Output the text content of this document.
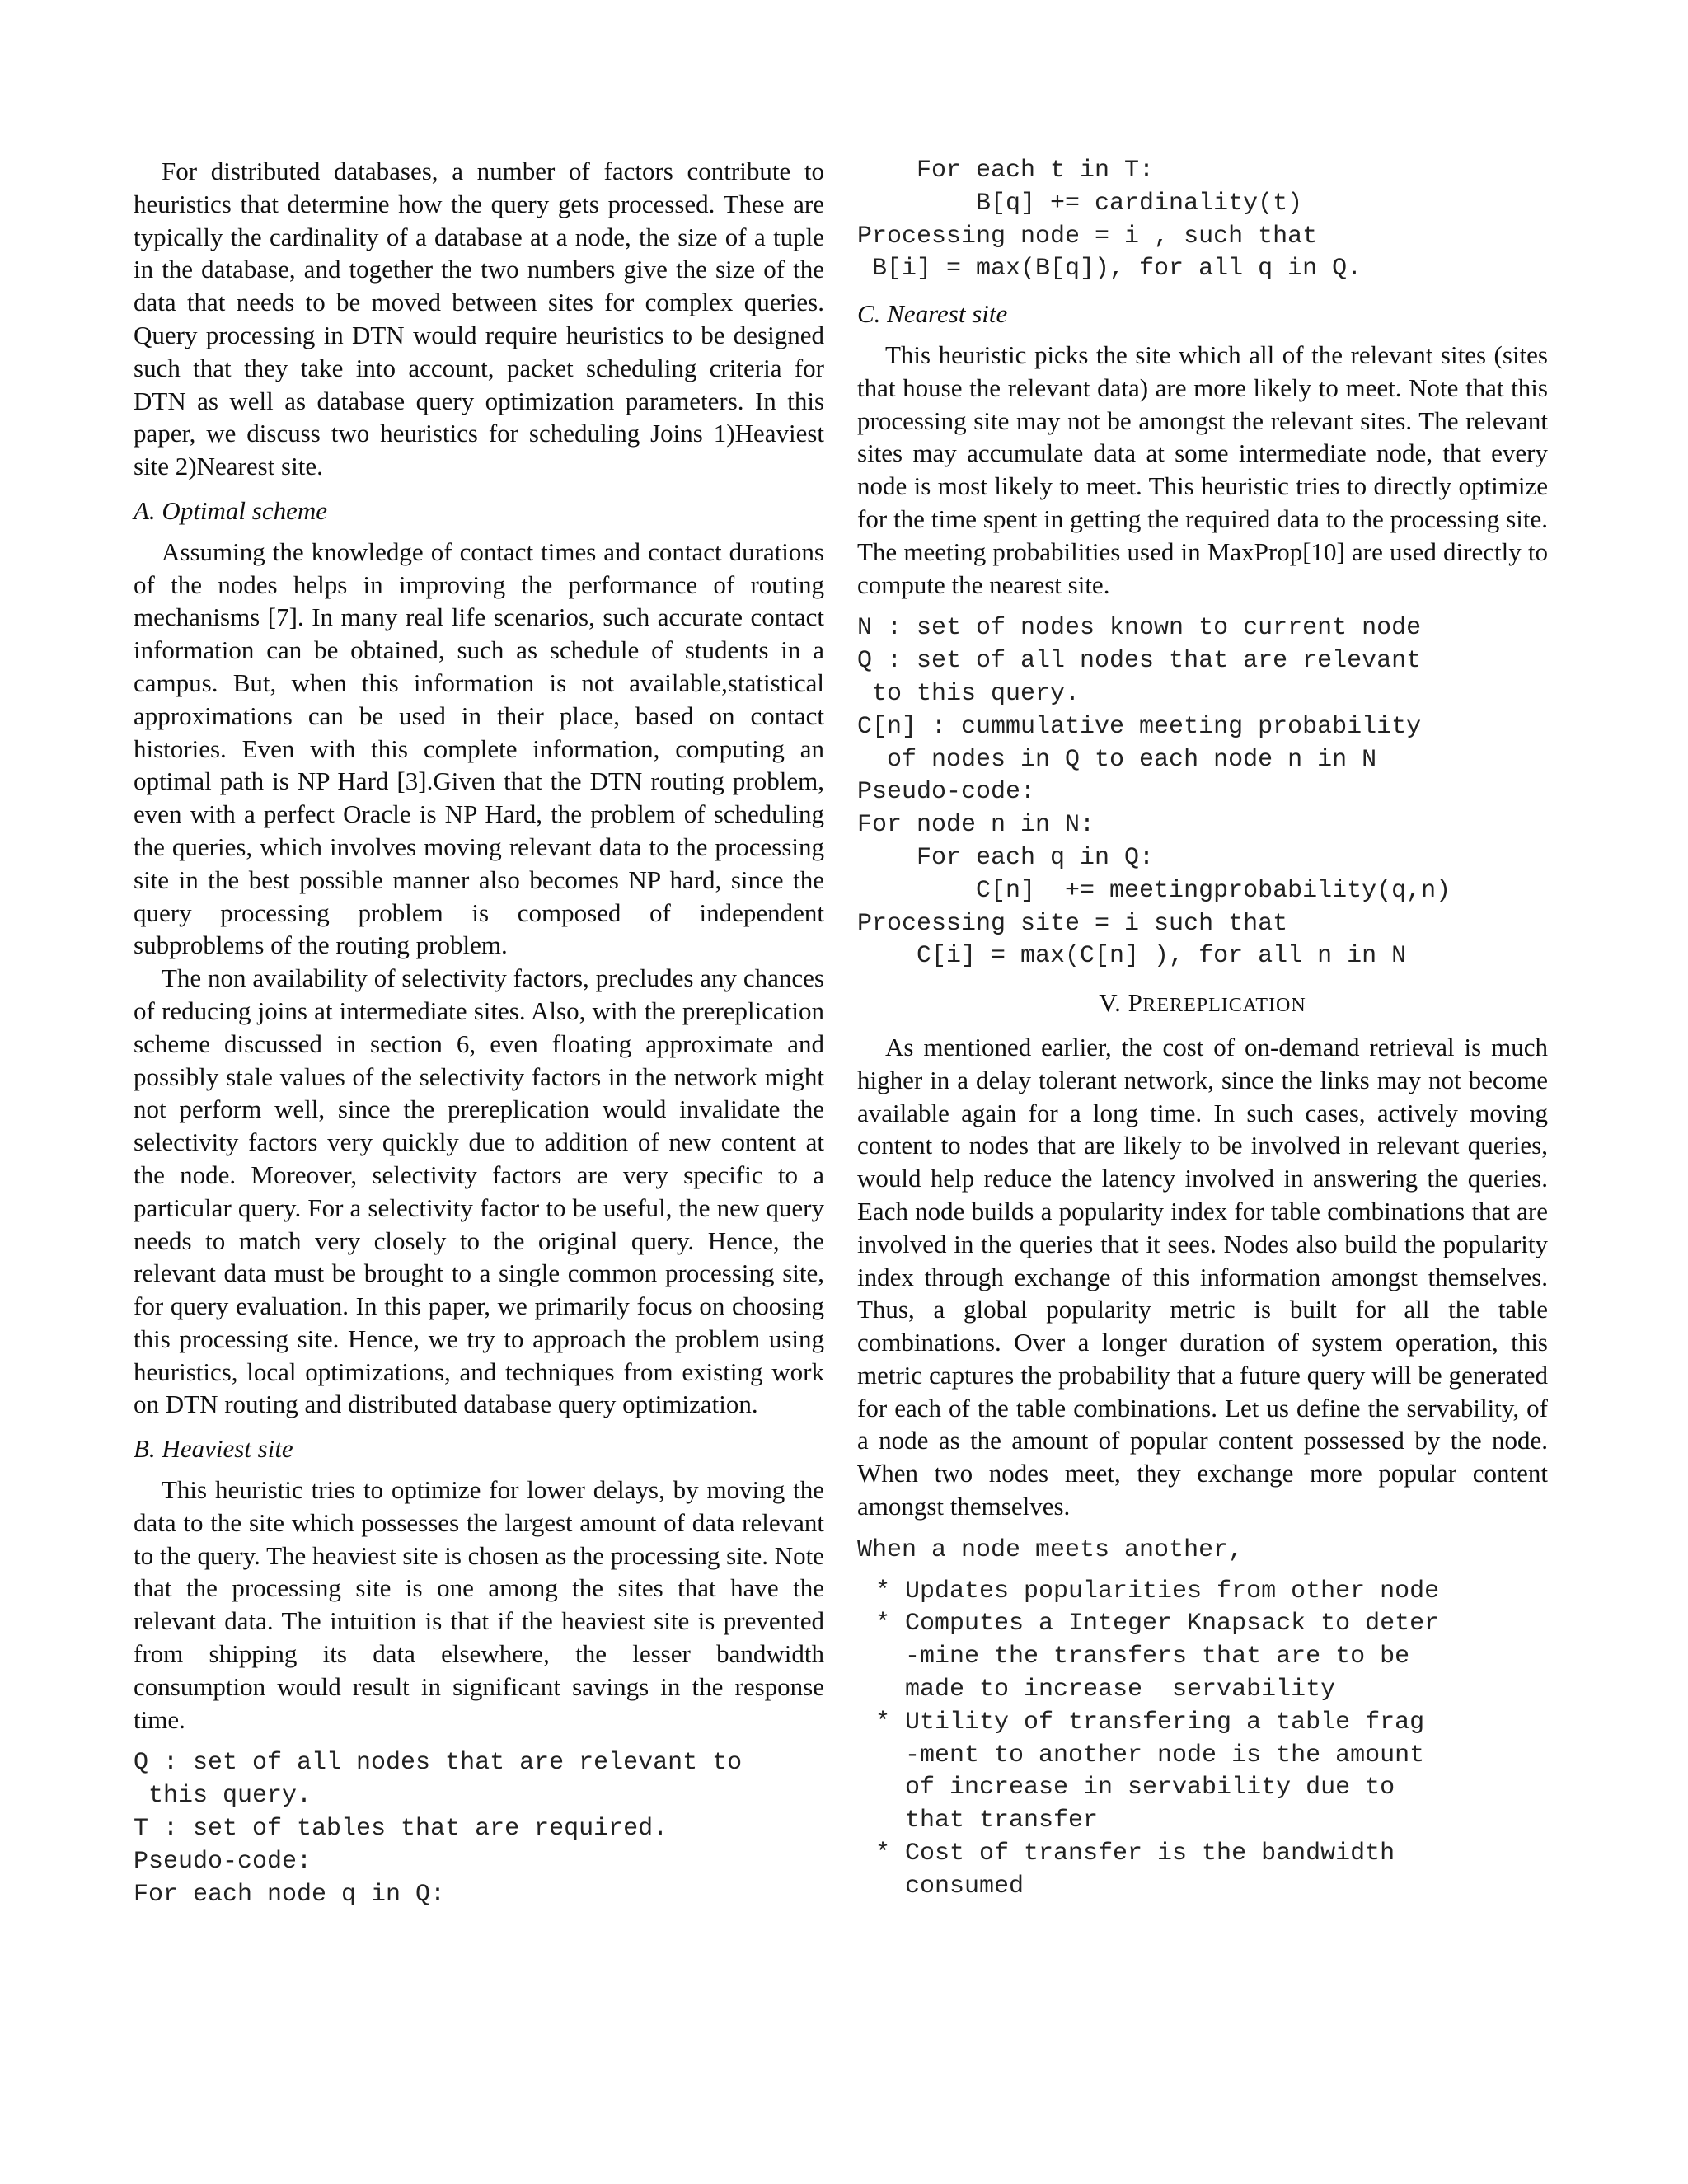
For distributed databases, a number of factors contribute to heuristics that determine how the query gets processed. These are typically the cardinality of a database at a node, the size of a tuple in the database, and together the two numbers give the size of the data that needs to be moved between sites for complex queries. Query processing in DTN would require heuristics to be designed such that they take into account, packet scheduling criteria for DTN as well as database query optimization parameters. In this paper, we discuss two heuristics for scheduling Joins 1)Heaviest site 2)Nearest site.

A. Optimal scheme

Assuming the knowledge of contact times and contact durations of the nodes helps in improving the performance of routing mechanisms [7]. In many real life scenarios, such accurate contact information can be obtained, such as schedule of students in a campus. But, when this information is not available,statistical approximations can be used in their place, based on contact histories. Even with this complete information, computing an optimal path is NP Hard [3].Given that the DTN routing problem, even with a perfect Oracle is NP Hard, the problem of scheduling the queries, which involves moving relevant data to the processing site in the best possible manner also becomes NP hard, since the query processing problem is composed of independent subproblems of the routing problem.

The non availability of selectivity factors, precludes any chances of reducing joins at intermediate sites. Also, with the prereplication scheme discussed in section 6, even floating approximate and possibly stale values of the selectivity factors in the network might not perform well, since the prereplication would invalidate the selectivity factors very quickly due to addition of new content at the node. Moreover, selectivity factors are very specific to a particular query. For a selectivity factor to be useful, the new query needs to match very closely to the original query. Hence, the relevant data must be brought to a single common processing site, for query evaluation. In this paper, we primarily focus on choosing this processing site. Hence, we try to approach the problem using heuristics, local optimizations, and techniques from existing work on DTN routing and distributed database query optimization.

B. Heaviest site

This heuristic tries to optimize for lower delays, by moving the data to the site which possesses the largest amount of data relevant to the query. The heaviest site is chosen as the processing site. Note that the processing site is one among the sites that have the relevant data. The intuition is that if the heaviest site is prevented from shipping its data elsewhere, the lesser bandwidth consumption would result in significant savings in the response time.

Q : set of all nodes that are relevant to
this query.
T : set of tables that are required.
Pseudo-code:
For each node q in Q:
For each t in T:
B[q] += cardinality(t)
Processing node = i , such that
B[i] = max(B[q]), for all q in Q.
C. Nearest site

This heuristic picks the site which all of the relevant sites (sites that house the relevant data) are more likely to meet. Note that this processing site may not be amongst the relevant sites. The relevant sites may accumulate data at some intermediate node, that every node is most likely to meet. This heuristic tries to directly optimize for the time spent in getting the required data to the processing site. The meeting probabilities used in MaxProp[10] are used directly to compute the nearest site.

N : set of nodes known to current node
Q : set of all nodes that are relevant
to this query.
C[n] : cummulative meeting probability
of nodes in Q to each node n in N
Pseudo-code:
For node n in N:
For each q in Q:
C[n]  += meetingprobability(q,n)
Processing site = i such that
C[i] = max(C[n] ), for all n in N
V. PREREPLICATION

As mentioned earlier, the cost of on-demand retrieval is much higher in a delay tolerant network, since the links may not become available again for a long time. In such cases, actively moving content to nodes that are likely to be involved in relevant queries, would help reduce the latency involved in answering the queries. Each node builds a popularity index for table combinations that are involved in the queries that it sees. Nodes also build the popularity index through exchange of this information amongst themselves. Thus, a global popularity metric is built for all the table combinations. Over a longer duration of system operation, this metric captures the probability that a future query will be generated for each of the table combinations. Let us define the servability, of a node as the amount of popular content possessed by the node. When two nodes meet, they exchange more popular content amongst themselves.

When a node meets another,
* Updates popularities from other node
* Computes a Integer Knapsack to deter
-mine the transfers that are to be
made to increase  servability
* Utility of transfering a table frag
-ment to another node is the amount
of increase in servability due to
that transfer
* Cost of transfer is the bandwidth
consumed
